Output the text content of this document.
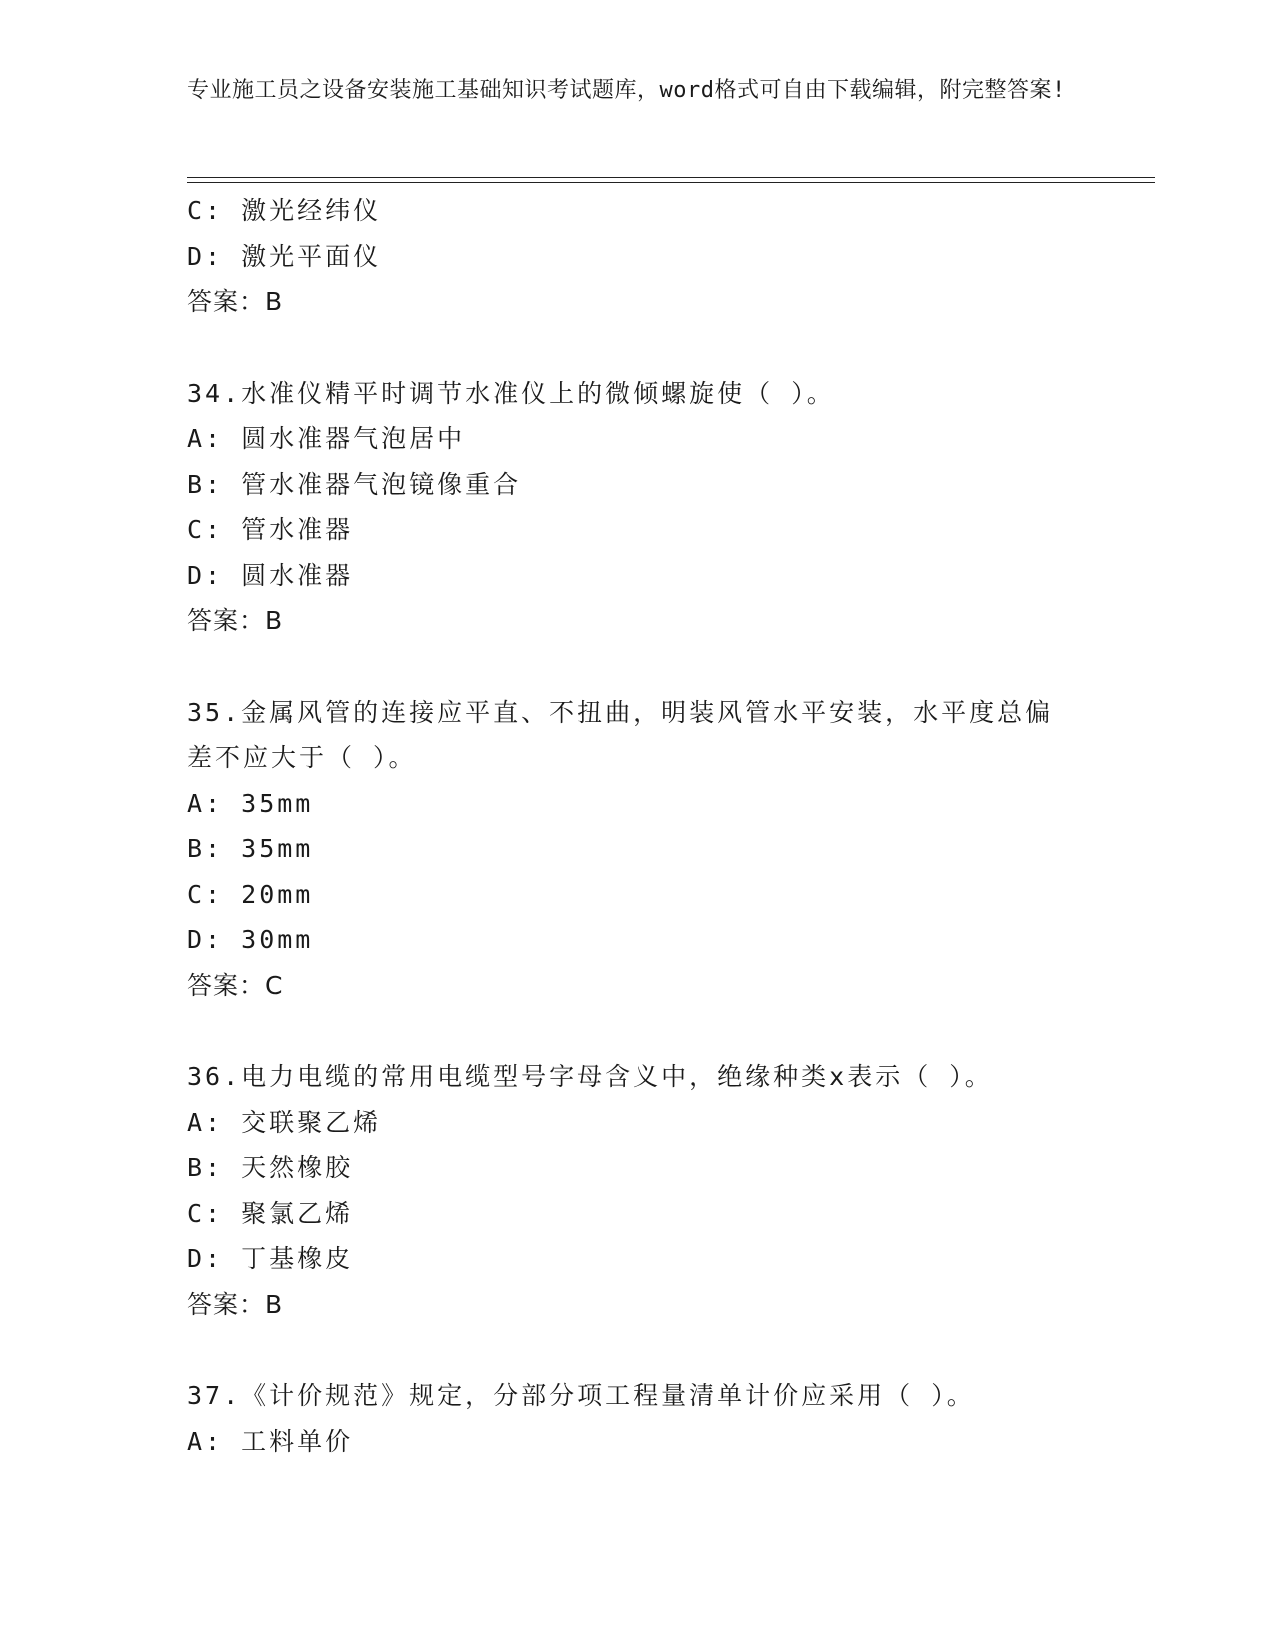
专业施工员之设备安装施工基础知识考试题库，word格式可自由下载编辑，附完整答案!
C: 激光经纬仪
D: 激光平面仪
答案：B
34.水准仪精平时调节水准仪上的微倾螺旋使（ ）。
A: 圆水准器气泡居中
B: 管水准器气泡镜像重合
C: 管水准器
D: 圆水准器
答案：B
35.金属风管的连接应平直、不扭曲，明装风管水平安装，水平度总偏差不应大于（ ）。
A: 35mm
B: 35mm
C: 20mm
D: 30mm
答案：C
36.电力电缆的常用电缆型号字母含义中，绝缘种类x表示（ ）。
A: 交联聚乙烯
B: 天然橡胶
C: 聚氯乙烯
D: 丁基橡皮
答案：B
37.《计价规范》规定，分部分项工程量清单计价应采用（ ）。
A: 工料单价
